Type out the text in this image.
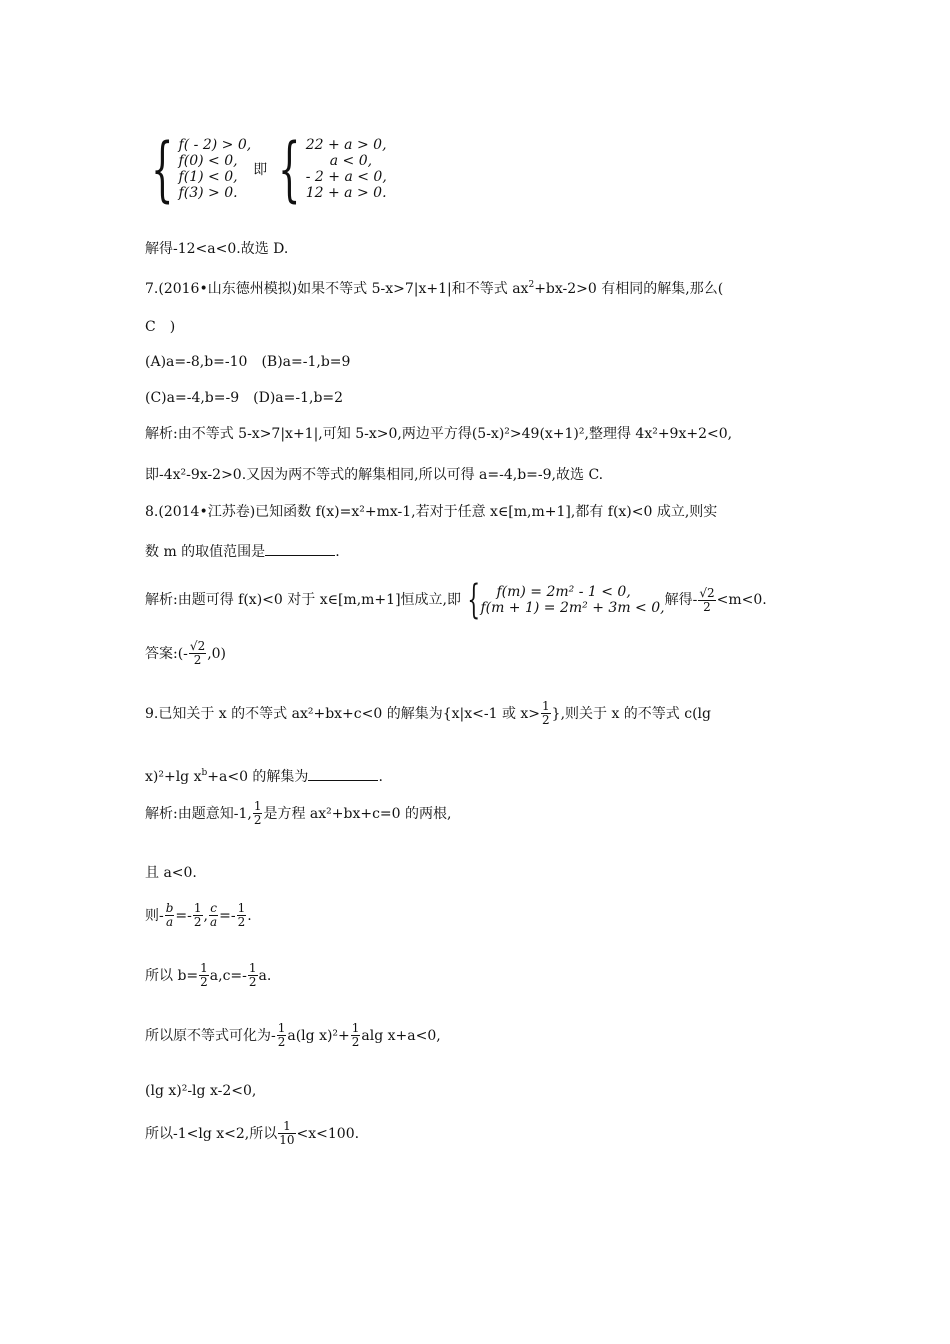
{ f( - 2) > 0,
f(0) < 0,
f(1) < 0,
f(3) > 0.
即 { 22 + a > 0,
a < 0,
- 2 + a < 0,
12 + a > 0.
解得-12<a<0.故选 D.
7.(2016•山东德州模拟)如果不等式 5-x>7|x+1|和不等式 $ax^2+bx-2>0$ 有相同的解集,那么(
C　)
(A)a=-8,b=-10　 (B)a=-1,b=9
(C)a=-4,b=-9　 (D)a=-1,b=2
解析:由不等式 5-x>7|x+1|,可知 5-x>0,两边平方得(5-x)²>49(x+1)²,整理得 4x²+9x+2<0,
即-4x²-9x-2>0.又因为两不等式的解集相同,所以可得 a=-4,b=-9,故选 C.
8.(2014•江苏卷)已知函数 f(x)=x²+mx-1,若对于任意 x∈[m,m+1],都有 f(x)<0 成立,则实
数 m 的取值范围是	.
解析:由题可得 f(x)<0 对于 x∈[m,m+1]恒成立,即 {	f(m) = 2m² - 1 < 0,
f(m + 1) = 2m² + 3m < 0, 解得- $\frac{√2}{2} <m<0$.
答案:(- $\frac{√2}{2} ,0$)
9.已知关于 x 的不等式 ax²+bx+c<0 的解集为{x|x<-1 或 $x> \frac{1}{2}$ },则关于 x 的不等式 c(lg
x)²+lg $x^b+a<0$ 的解集为	.
解析:由题意知-1, $\frac{1}{2}$ 是方程 ax²+bx+c=0 的两根,
且 a<0.
则- $\frac{b}{a} =- \frac{1}{2}$ , $\frac{c}{a} =- \frac{1}{2}$ .
所以 $b= \frac{1}{2} a,c=- \frac{1}{2} a$.
所以原不等式可化为- $\frac{1}{2} a(\lg$ $x)^2+ \frac{1}{2}$ alg x+a<0,
(lg x)²-lg x-2<0,
所以-1<lg x<2,所以 $\frac{1}{10} <x<100$.
